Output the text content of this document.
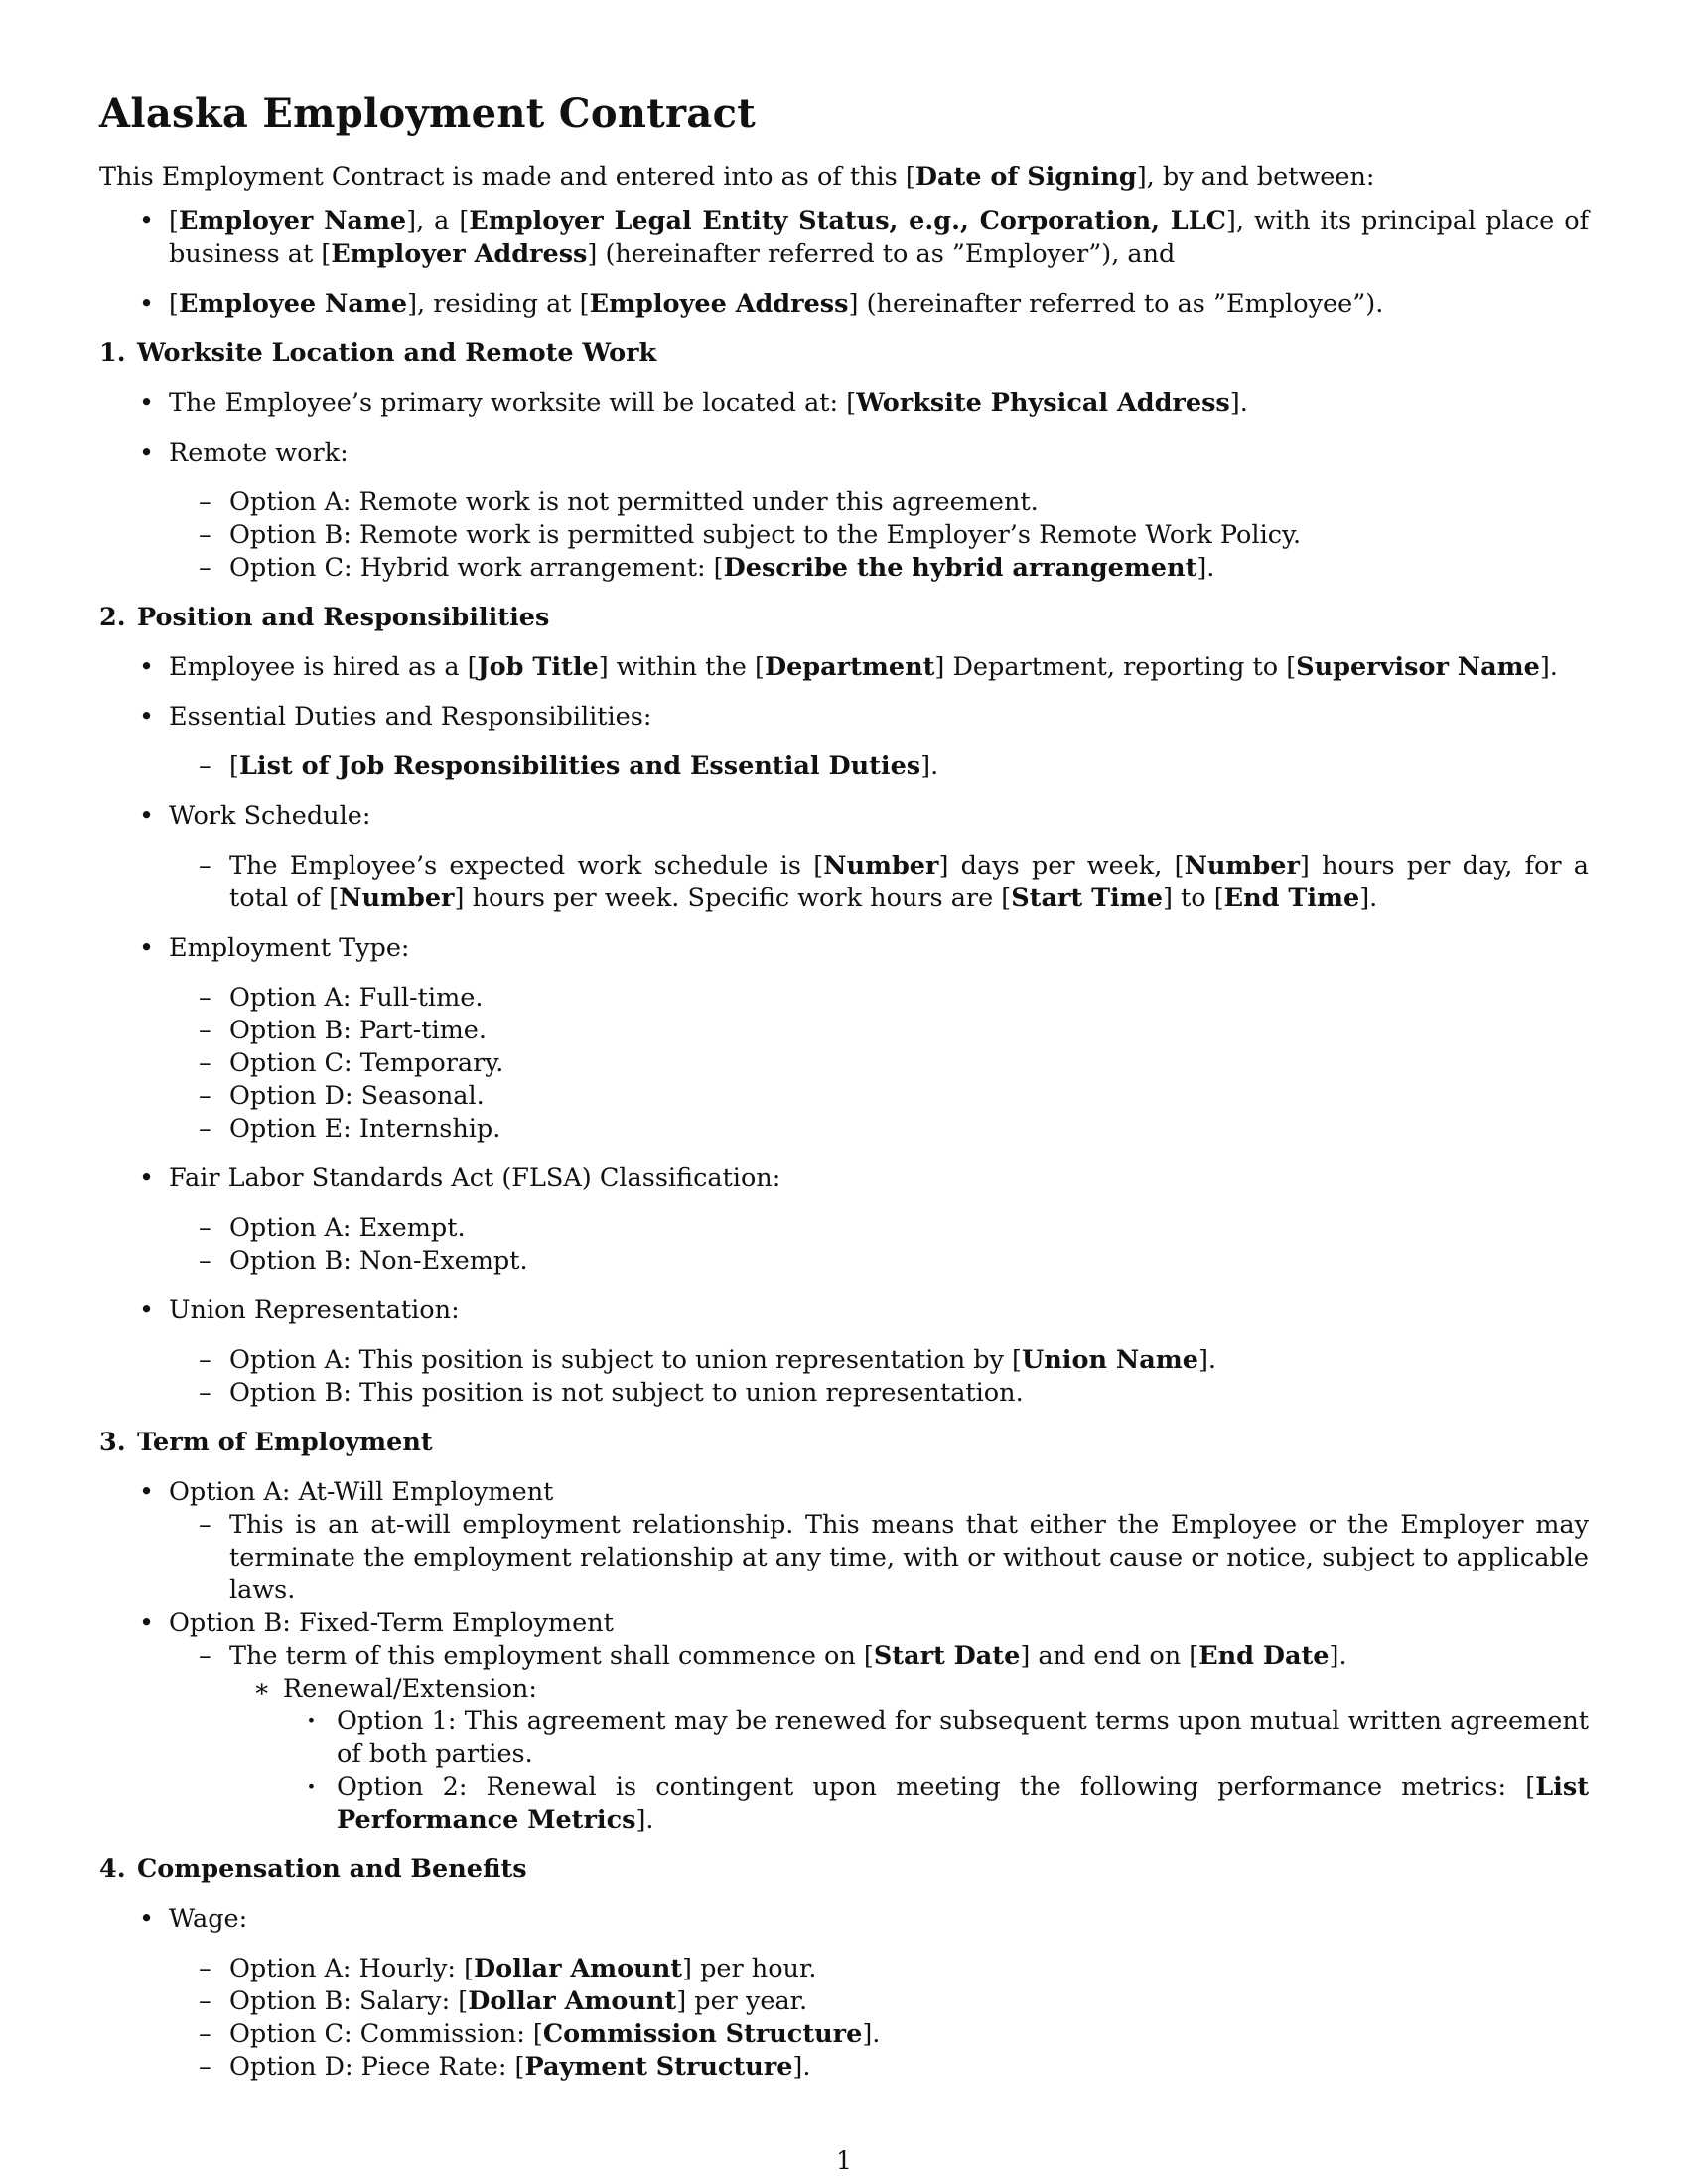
Alaska Employment Contract

This Employment Contract is made and entered into as of this [Date of Signing], by and between:

• [Employer Name], a [Employer Legal Entity Status, e.g., Corporation, LLC], with its principal place of business at [Employer Address] (hereinafter referred to as ”Employer”), and
• [Employee Name], residing at [Employee Address] (hereinafter referred to as ”Employee”).
1. Worksite Location and Remote Work
• The Employee’s primary worksite will be located at: [Worksite Physical Address].
• Remote work:
– Option A: Remote work is not permitted under this agreement.
– Option B: Remote work is permitted subject to the Employer’s Remote Work Policy.
– Option C: Hybrid work arrangement: [Describe the hybrid arrangement].
2. Position and Responsibilities
• Employee is hired as a [Job Title] within the [Department] Department, reporting to [Supervisor Name].
• Essential Duties and Responsibilities:
– [List of Job Responsibilities and Essential Duties].
• Work Schedule:
– The Employee’s expected work schedule is [Number] days per week, [Number] hours per day, for a total of [Number] hours per week. Specific work hours are [Start Time] to [End Time].
• Employment Type:
– Option A: Full-time.
– Option B: Part-time.
– Option C: Temporary.
– Option D: Seasonal.
– Option E: Internship.
• Fair Labor Standards Act (FLSA) Classification:
– Option A: Exempt.
– Option B: Non-Exempt.
• Union Representation:
– Option A: This position is subject to union representation by [Union Name].
– Option B: This position is not subject to union representation.
3. Term of Employment
• Option A: At-Will Employment
– This is an at-will employment relationship. This means that either the Employee or the Employer may terminate the employment relationship at any time, with or without cause or notice, subject to applicable laws.
• Option B: Fixed-Term Employment
– The term of this employment shall commence on [Start Date] and end on [End Date].
∗ Renewal/Extension:
· Option 1: This agreement may be renewed for subsequent terms upon mutual written agreement of both parties.
· Option 2: Renewal is contingent upon meeting the following performance metrics: [List Performance Metrics].
4. Compensation and Benefits
• Wage:
– Option A: Hourly: [Dollar Amount] per hour.
– Option B: Salary: [Dollar Amount] per year.
– Option C: Commission: [Commission Structure].
– Option D: Piece Rate: [Payment Structure].
1
